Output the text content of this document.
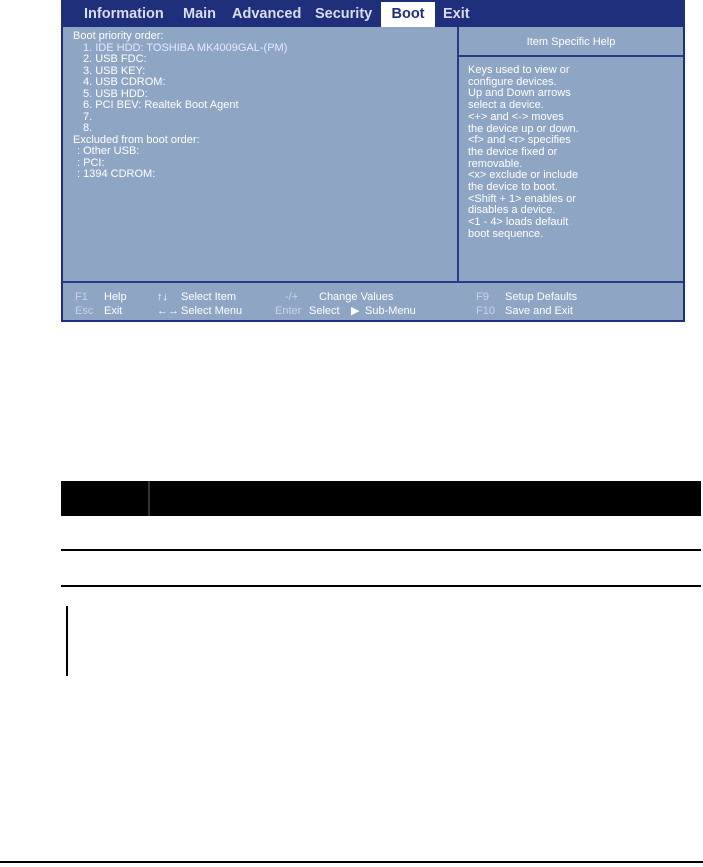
Information Main Advanced Security	Boot	Exit
Boot priority order:
1. IDE HDD: TOSHIBA MK4009GAL-(PM)
2. USB FDC:
3. USB KEY:
4. USB CDROM:
5. USB HDD:
6. PCI BEV: Realtek Boot Agent
7.
8.
Excluded from boot order:
: Other USB:
: PCI:
: 1394 CDROM:
Item Specific Help
Keys used to view or
configure devices.
Up and Down arrows
select a device.
<+> and <-> moves
the device up or down.
<f> and <r> specifies
the device fixed or
removable.
<x> exclude or include
the device to boot.
<Shift + 1> enables or
disables a device.
<1 - 4> loads default
boot sequence.
F1 Help	↑↓ Select Item	-/+ Change Values	F9 Setup Defaults
Esc Exit	←→ Select Menu	Enter Select ▶ Sub-Menu	F10 Save and Exit
